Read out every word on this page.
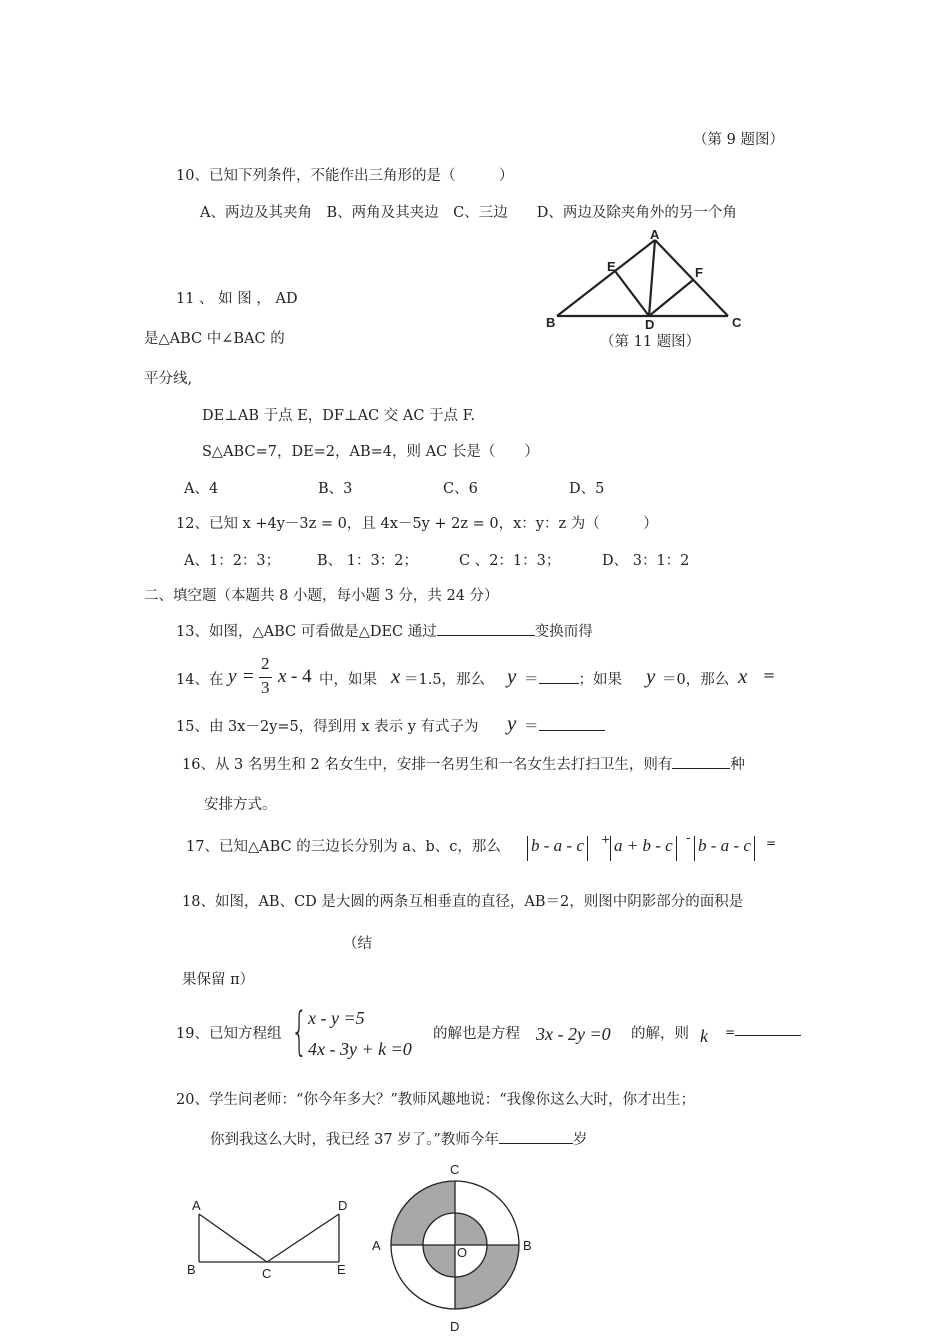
（第 9 题图）
10、已知下列条件，不能作出三角形的是（　　　）
A、两边及其夹角　B、两角及其夹边　C、三边　　D、两边及除夹角外的另一个角
A
B	C
D
E	F
（第 11 题图）
11 、 如 图 ， AD
是△ABC 中∠BAC 的
平分线,
DE⊥AB 于点 E，DF⊥AC 交 AC 于点 F.
S△ABC=7，DE=2，AB=4，则 AC 长是（　　）
A、4	B、3	C、6	D、5
12、已知 x +4y－3z = 0，且 4x－5y + 2z = 0，x：y：z 为（　　　）
A、1：2：3；	B、 1：3：2；	C 、2：1：3；	D、 3：1：2
二、填空题（本题共 8 小题，每小题 3 分，共 24 分）
13、如图，△ABC 可看做是△DEC 通过	变换而得
14、在 y =
2
3
x - 4 中，如果 x ＝1.5，那么 y ＝	；如果 y ＝0，那么 x =
15、由 3x－2y=5，得到用 x 表示 y 有式子为 y ＝
16、从 3 名男生和 2 名女生中，安排一名男生和一名女生去打扫卫生，则有	种
安排方式。
17、已知△ABC 的三边长分别为 a、b、c，那么 b - a - c	+ a + b - c	- b - a - c	=
18、如图，AB、CD 是大圆的两条互相垂直的直径，AB＝2，则图中阴影部分的面积是
（结
果保留 π）
19、已知方程组 { x - y =5
4x - 3y + k =0
的解也是方程 3x - 2y =0 的解，则 k =
20、学生问老师：“你今年多大？”教师风趣地说：“我像你这么大时，你才出生；
你到我这么大时，我已经 37 岁了。”教师今年	岁
A
B	C
D
E
C
A	B
D
O
